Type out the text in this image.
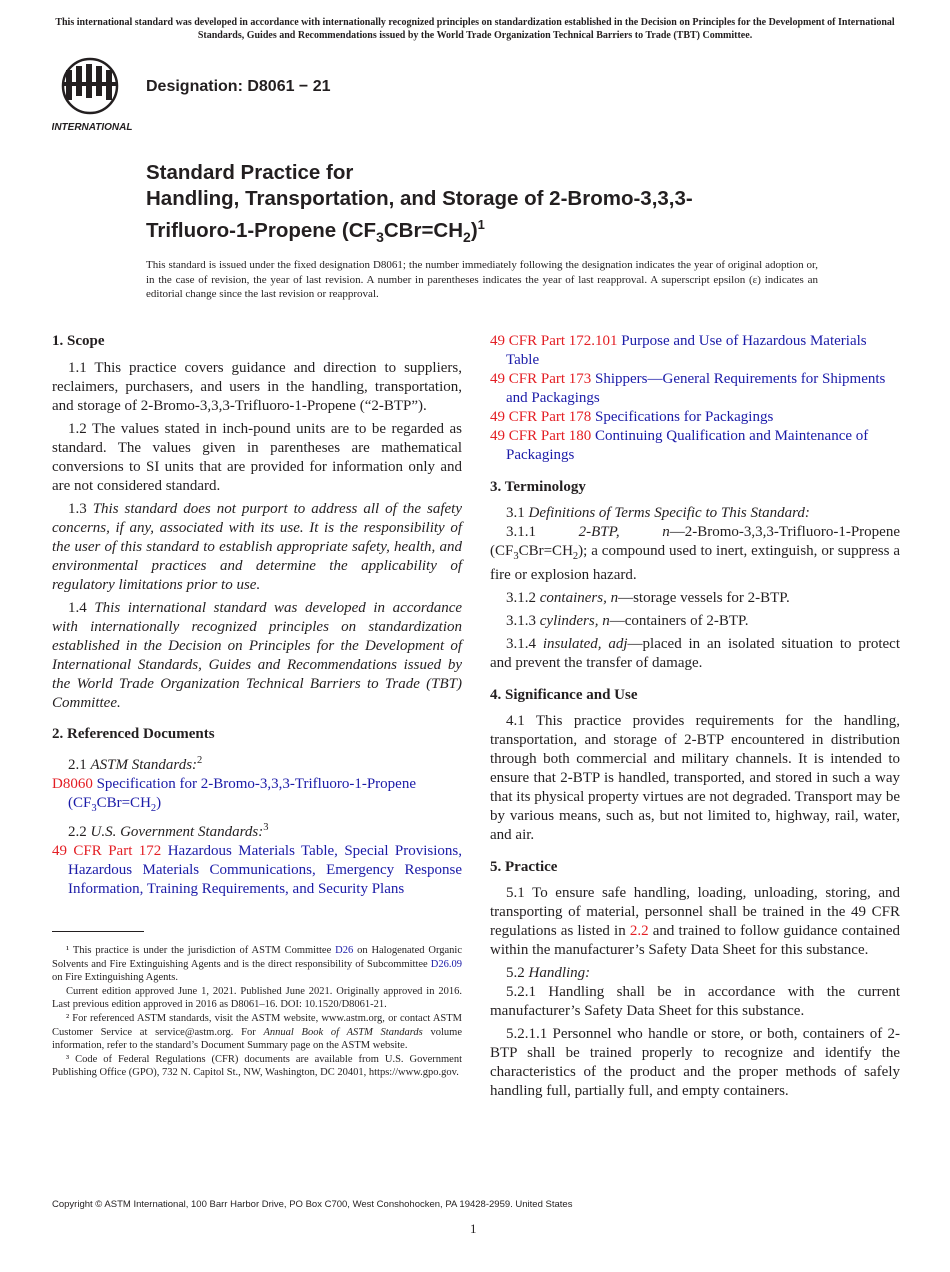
This international standard was developed in accordance with internationally recognized principles on standardization established in the Decision on Principles for the Development of International Standards, Guides and Recommendations issued by the World Trade Organization Technical Barriers to Trade (TBT) Committee.
INTERNATIONAL
Designation: D8061 − 21
Standard Practice for
Handling, Transportation, and Storage of 2-Bromo-3,3,3-
Trifluoro-1-Propene $(CF_3CBr=CH_2)^1$
This standard is issued under the fixed designation D8061; the number immediately following the designation indicates the year of original adoption or, in the case of revision, the year of last revision. A number in parentheses indicates the year of last reapproval. A superscript epsilon (ε) indicates an editorial change since the last revision or reapproval.
1. Scope

1.1 This practice covers guidance and direction to suppliers, reclaimers, purchasers, and users in the handling, transportation, and storage of 2-Bromo-3,3,3-Trifluoro-1-Propene (“2-BTP”).

1.2 The values stated in inch-pound units are to be regarded as standard. The values given in parentheses are mathematical conversions to SI units that are provided for information only and are not considered standard.

1.3 This standard does not purport to address all of the safety concerns, if any, associated with its use. It is the responsibility of the user of this standard to establish appropriate safety, health, and environmental practices and determine the applicability of regulatory limitations prior to use.

1.4 This international standard was developed in accordance with internationally recognized principles on standardization established in the Decision on Principles for the Development of International Standards, Guides and Recommendations issued by the World Trade Organization Technical Barriers to Trade (TBT) Committee.

2. Referenced Documents

2.1 ASTM Standards:$^2$

D8060 Specification for 2-Bromo-3,3,3-Trifluoro-1-Propene $(CF_3CBr=CH_2)$

2.2 U.S. Government Standards:$^3$

49 CFR Part 172 Hazardous Materials Table, Special Provisions, Hazardous Materials Communications, Emergency Response Information, Training Requirements, and Security Plans

¹ This practice is under the jurisdiction of ASTM Committee D26 on Halogenated Organic Solvents and Fire Extinguishing Agents and is the direct responsibility of Subcommittee D26.09 on Fire Extinguishing Agents.

Current edition approved June 1, 2021. Published June 2021. Originally approved in 2016. Last previous edition approved in 2016 as D8061–16. DOI: 10.1520/D8061-21.

² For referenced ASTM standards, visit the ASTM website, www.astm.org, or contact ASTM Customer Service at service@astm.org. For Annual Book of ASTM Standards volume information, refer to the standard’s Document Summary page on the ASTM website.

³ Code of Federal Regulations (CFR) documents are available from U.S. Government Publishing Office (GPO), 732 N. Capitol St., NW, Washington, DC 20401, https://www.gpo.gov.

49 CFR Part 172.101 Purpose and Use of Hazardous Materials Table

49 CFR Part 173 Shippers—General Requirements for Shipments and Packagings

49 CFR Part 178 Specifications for Packagings

49 CFR Part 180 Continuing Qualification and Maintenance of Packagings

3. Terminology

3.1 Definitions of Terms Specific to This Standard:

3.1.1 2-BTP, n—2-Bromo-3,3,3-Trifluoro-1-Propene $(CF_3CBr=CH_2)$; a compound used to inert, extinguish, or suppress a fire or explosion hazard.

3.1.2 containers, n—storage vessels for 2-BTP.

3.1.3 cylinders, n—containers of 2-BTP.

3.1.4 insulated, adj—placed in an isolated situation to protect and prevent the transfer of damage.

4. Significance and Use

4.1 This practice provides requirements for the handling, transportation, and storage of 2-BTP encountered in distribution through both commercial and military channels. It is intended to ensure that 2-BTP is handled, transported, and stored in such a way that its physical property virtues are not degraded. Transport may be by various means, such as, but not limited to, highway, rail, water, and air.

5. Practice

5.1 To ensure safe handling, loading, unloading, storing, and transporting of material, personnel shall be trained in the 49 CFR regulations as listed in 2.2 and trained to follow guidance contained within the manufacturer’s Safety Data Sheet for this substance.

5.2 Handling:

5.2.1 Handling shall be in accordance with the current manufacturer’s Safety Data Sheet for this substance.

5.2.1.1 Personnel who handle or store, or both, containers of 2-BTP shall be trained properly to recognize and identify the characteristics of the product and the proper methods of safely handling full, partially full, and empty containers.

Copyright © ASTM International, 100 Barr Harbor Drive, PO Box C700, West Conshohocken, PA 19428-2959. United States
1
